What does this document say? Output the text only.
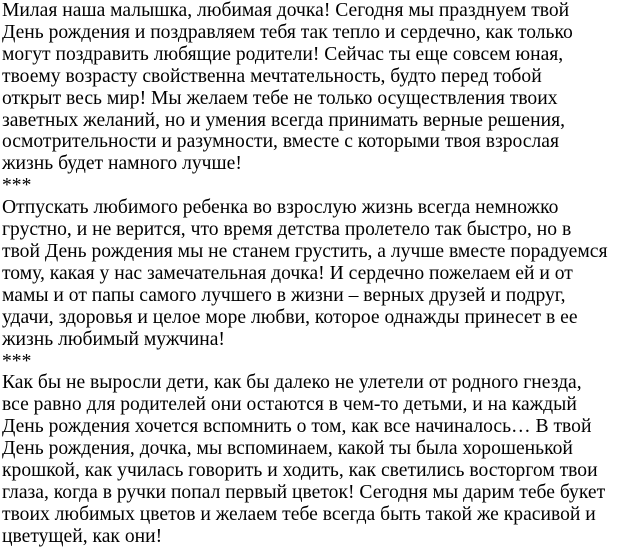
Милая наша малышка, любимая дочка! Сегодня мы празднуем твой
День рождения и поздравляем тебя так тепло и сердечно, как только
могут поздравить любящие родители! Сейчас ты еще совсем юная,
твоему возрасту свойственна мечтательность, будто перед тобой
открыт весь мир! Мы желаем тебе не только осуществления твоих
заветных желаний, но и умения всегда принимать верные решения,
осмотрительности и разумности, вместе с которыми твоя взрослая
жизнь будет намного лучше!
***
Отпускать любимого ребенка во взрослую жизнь всегда немножко
грустно, и не верится, что время детства пролетело так быстро, но в
твой День рождения мы не станем грустить, а лучше вместе порадуемся
тому, какая у нас замечательная дочка! И сердечно пожелаем ей и от
мамы и от папы самого лучшего в жизни – верных друзей и подруг,
удачи, здоровья и целое море любви, которое однажды принесет в ее
жизнь любимый мужчина!
***
Как бы не выросли дети, как бы далеко не улетели от родного гнезда,
все равно для родителей они остаются в чем-то детьми, и на каждый
День рождения хочется вспомнить о том, как все начиналось… В твой
День рождения, дочка, мы вспоминаем, какой ты была хорошенькой
крошкой, как училась говорить и ходить, как светились восторгом твои
глаза, когда в ручки попал первый цветок! Сегодня мы дарим тебе букет
твоих любимых цветов и желаем тебе всегда быть такой же красивой и
цветущей, как они!
